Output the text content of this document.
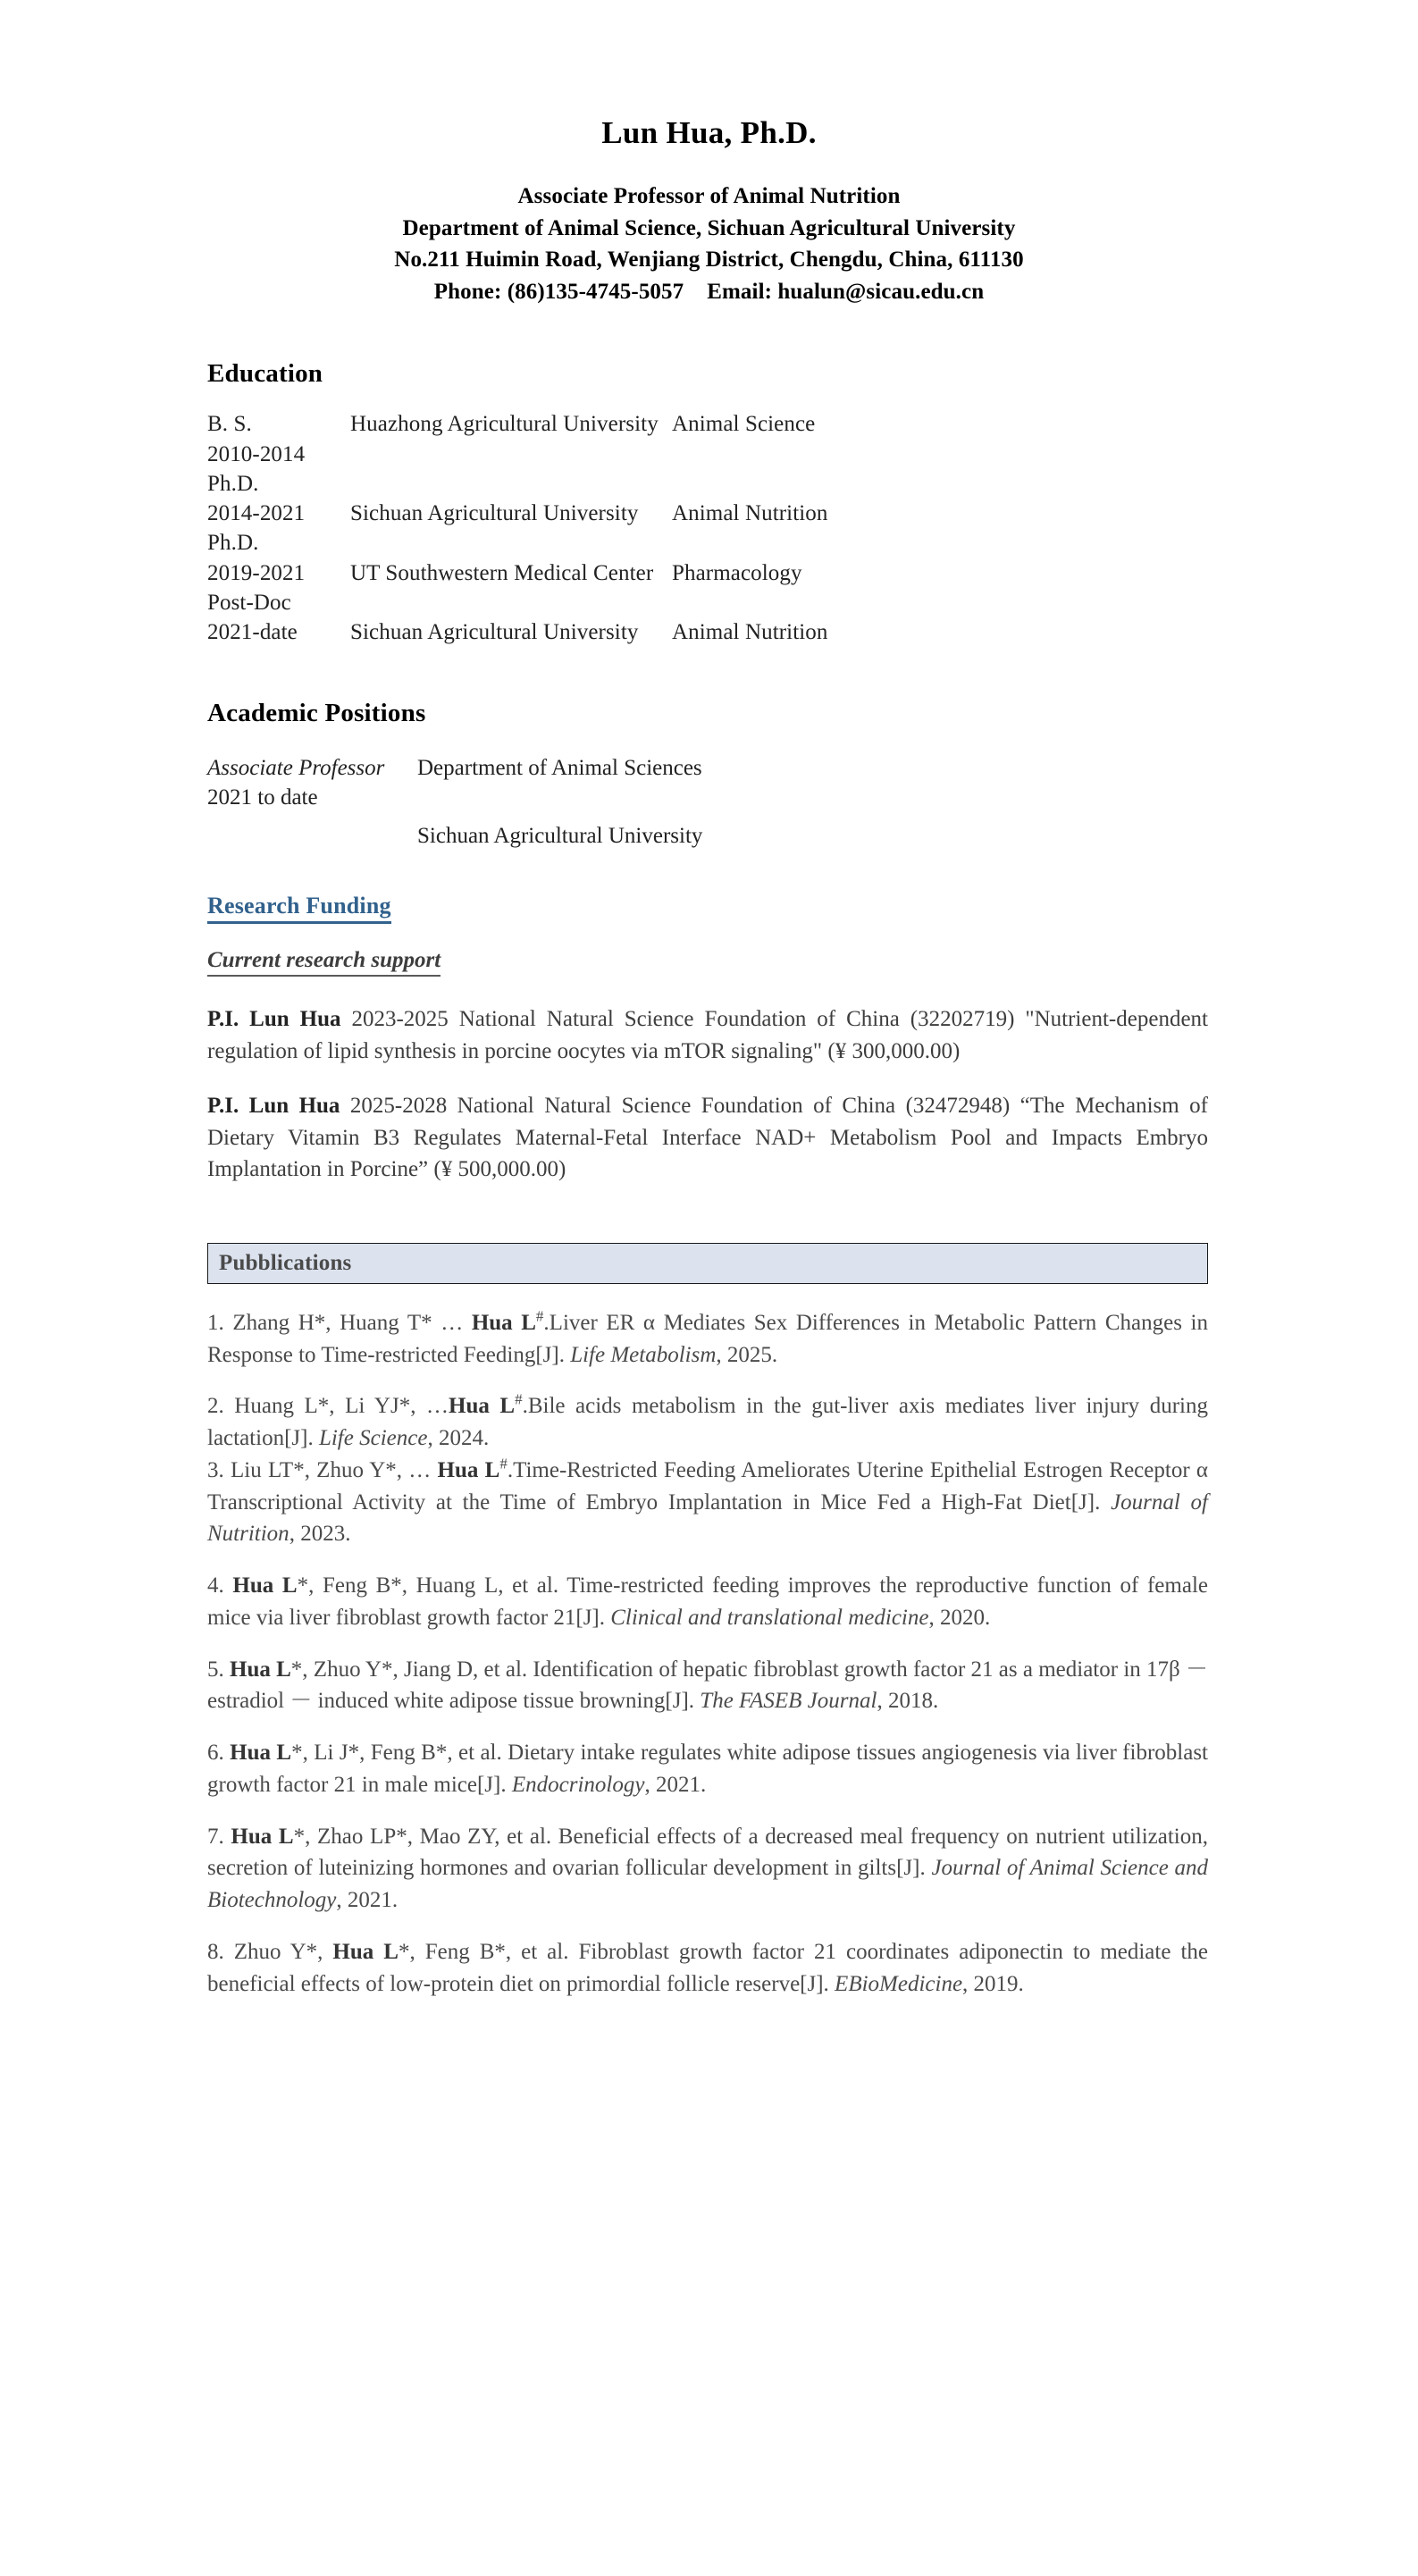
Lun Hua, Ph.D.
Associate Professor of Animal Nutrition
Department of Animal Science, Sichuan Agricultural University
No.211 Huimin Road, Wenjiang District, Chengdu, China, 611130
Phone: (86)135-4745-5057 Email: hualun@sicau.edu.cn
Education
B. S.	Huazhong Agricultural University Animal Science
2010-2014
Ph.D.
2014-2021 Sichuan Agricultural University Animal Nutrition
Ph.D.
2019-2021 UT Southwestern Medical Center Pharmacology
Post-Doc
2021-date Sichuan Agricultural University Animal Nutrition
Academic Positions
Associate Professor Department of Animal Sciences
2021 to date
Sichuan Agricultural University
Research Funding
Current research support

P.I. Lun Hua 2023-2025 National Natural Science Foundation of China (32202719) "Nutrient-dependent regulation of lipid synthesis in porcine oocytes via mTOR signaling" (¥ 300,000.00)

P.I. Lun Hua 2025-2028 National Natural Science Foundation of China (32472948) “The Mechanism of Dietary Vitamin B3 Regulates Maternal-Fetal Interface NAD+ Metabolism Pool and Impacts Embryo Implantation in Porcine” (¥ 500,000.00)

Pubblications

1. Zhang H*, Huang T* … Hua L#.Liver ER α Mediates Sex Differences in Metabolic Pattern Changes in Response to Time-restricted Feeding[J]. Life Metabolism, 2025.

2. Huang L*, Li YJ*, …Hua L#.Bile acids metabolism in the gut-liver axis mediates liver injury during lactation[J]. Life Science, 2024.

3. Liu LT*, Zhuo Y*, … Hua L#.Time-Restricted Feeding Ameliorates Uterine Epithelial Estrogen Receptor α Transcriptional Activity at the Time of Embryo Implantation in Mice Fed a High-Fat Diet[J]. Journal of Nutrition, 2023.

4. Hua L*, Feng B*, Huang L, et al. Time-restricted feeding improves the reproductive function of female mice via liver fibroblast growth factor 21[J]. Clinical and translational medicine, 2020.

5. Hua L*, Zhuo Y*, Jiang D, et al. Identification of hepatic fibroblast growth factor 21 as a mediator in 17β － estradiol － induced white adipose tissue browning[J]. The FASEB Journal, 2018.

6. Hua L*, Li J*, Feng B*, et al. Dietary intake regulates white adipose tissues angiogenesis via liver fibroblast growth factor 21 in male mice[J]. Endocrinology, 2021.

7. Hua L*, Zhao LP*, Mao ZY, et al. Beneficial effects of a decreased meal frequency on nutrient utilization, secretion of luteinizing hormones and ovarian follicular development in gilts[J]. Journal of Animal Science and Biotechnology, 2021.

8. Zhuo Y*, Hua L*, Feng B*, et al. Fibroblast growth factor 21 coordinates adiponectin to mediate the beneficial effects of low-protein diet on primordial follicle reserve[J]. EBioMedicine, 2019.
